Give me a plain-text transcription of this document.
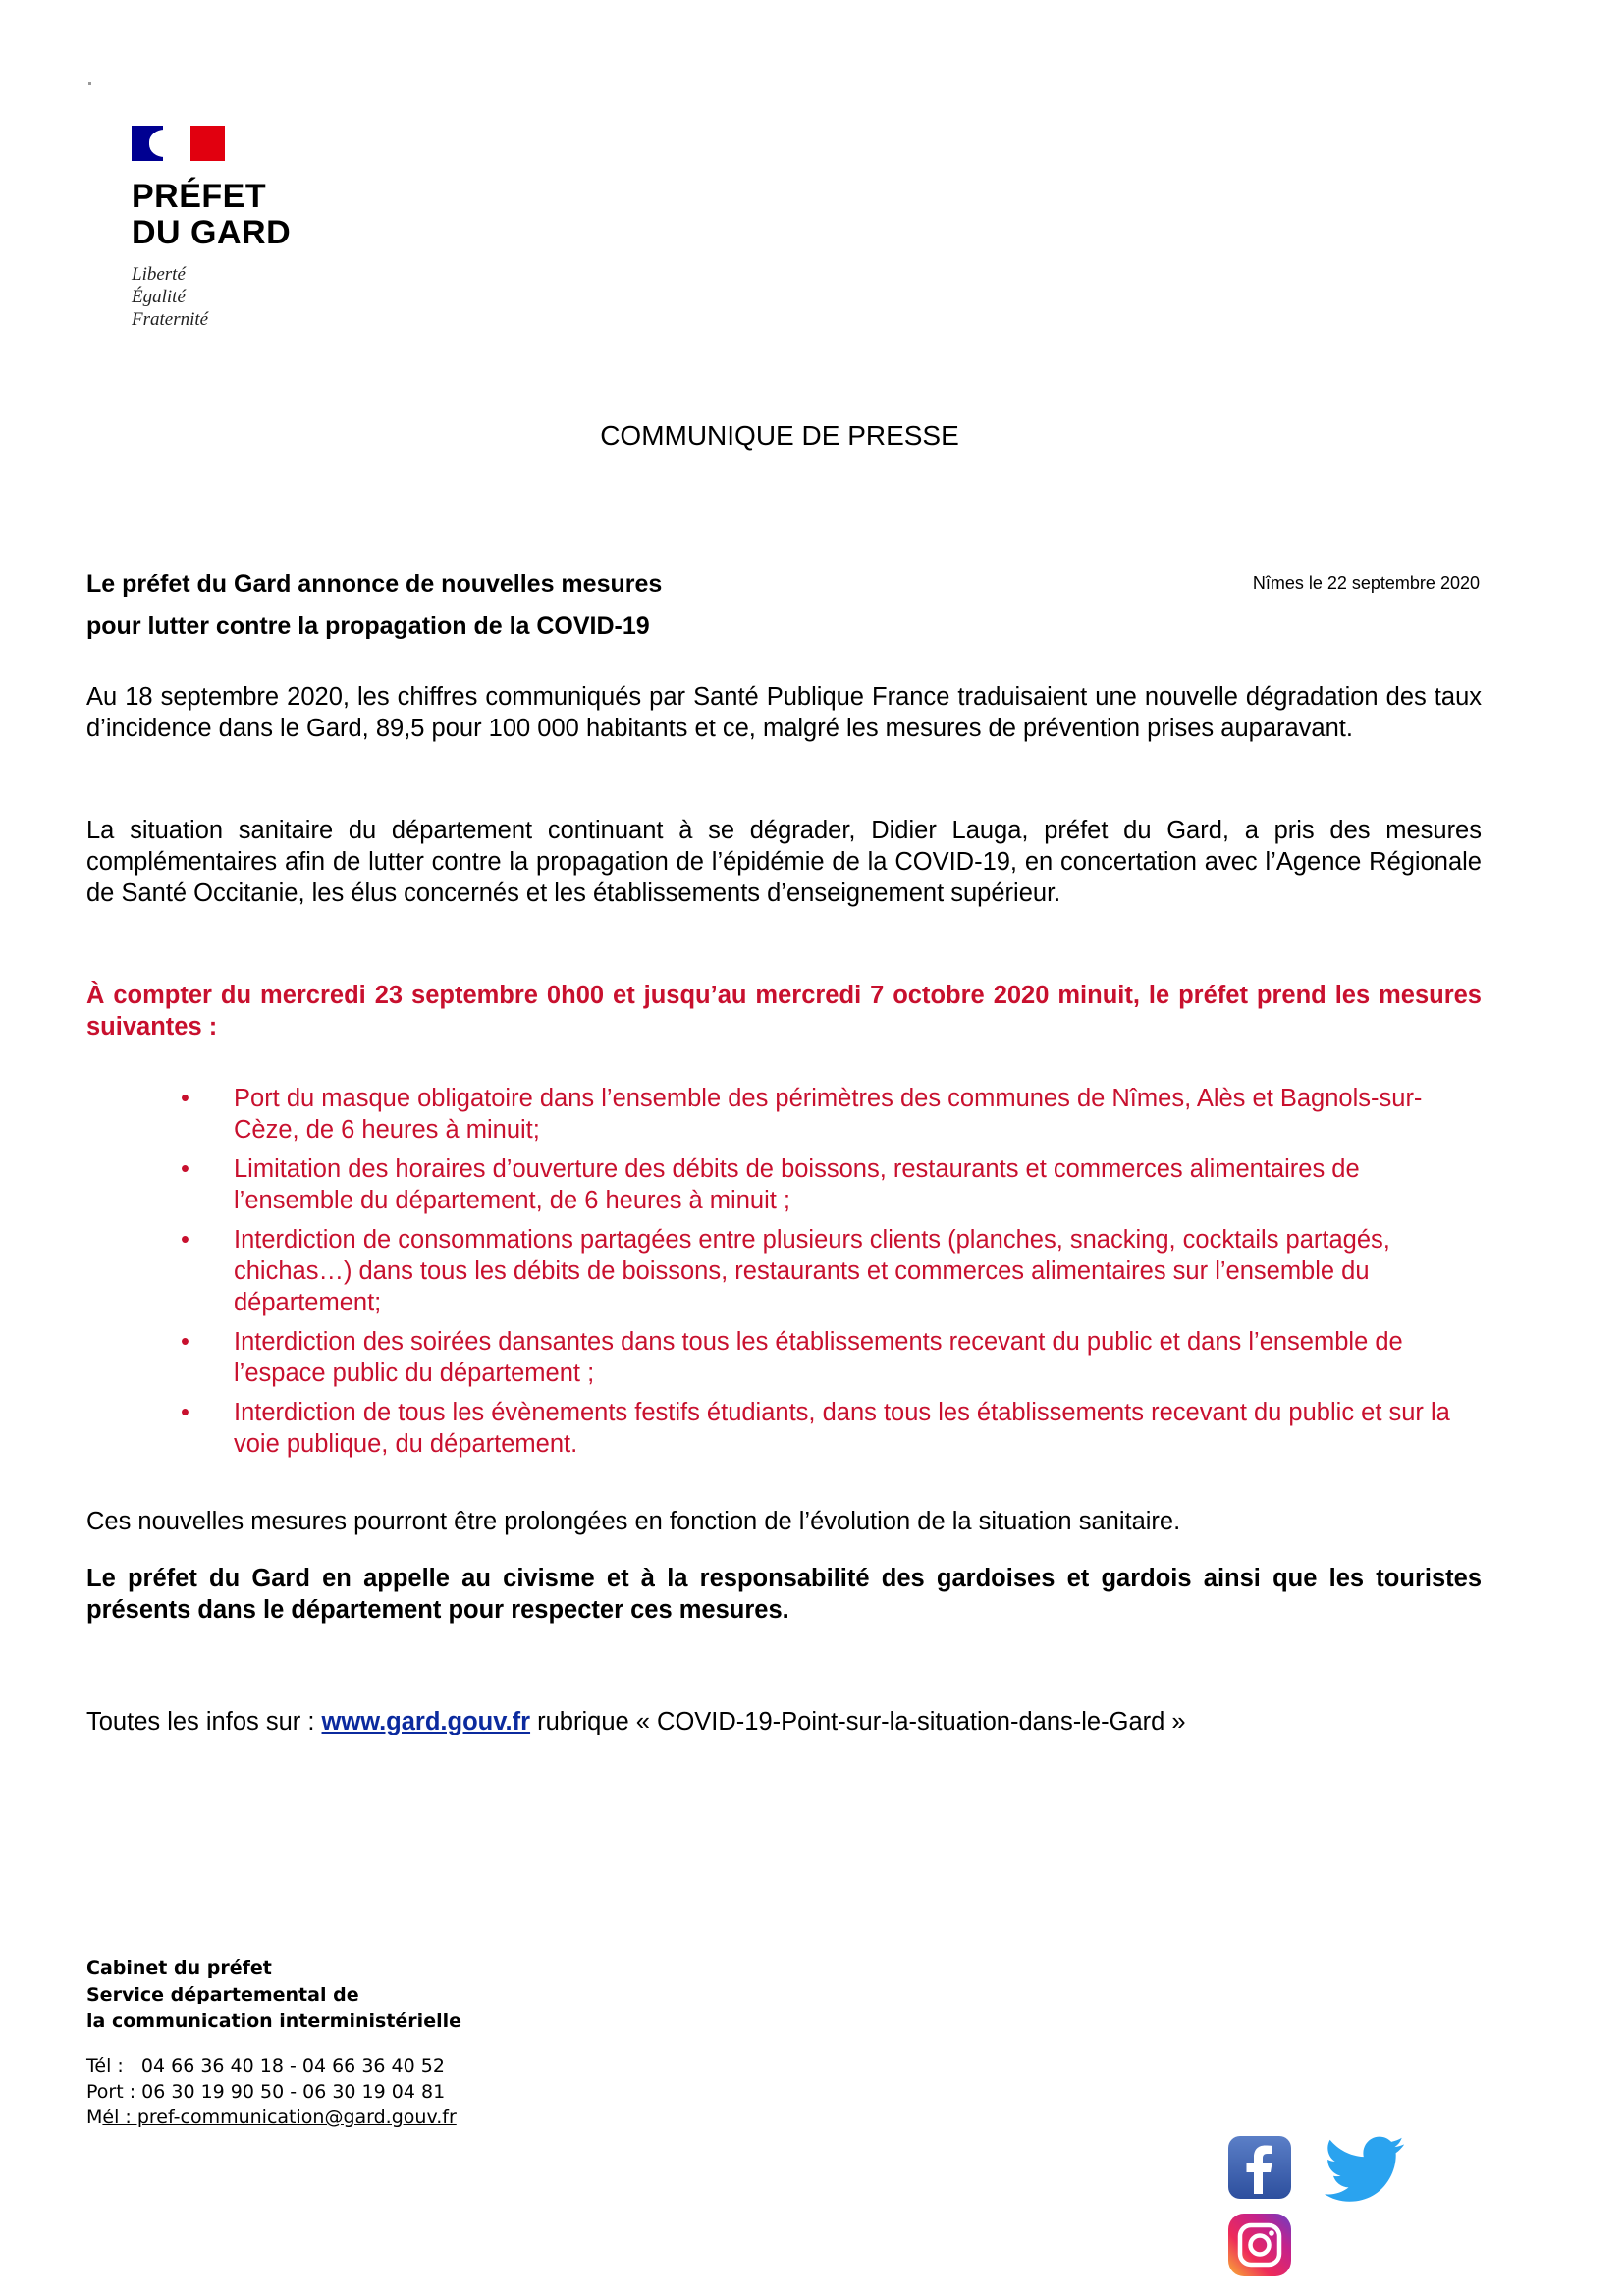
PRÉFET
DU GARD
Liberté
Égalité
Fraternité
COMMUNIQUE DE PRESSE
Le préfet du Gard annonce de nouvelles mesures
pour lutter contre la propagation de la COVID-19
Nîmes le 22 septembre 2020
Au 18 septembre 2020, les chiffres communiqués par Santé Publique France traduisaient une nouvelle dégradation des taux d’incidence dans le Gard, 89,5 pour 100 000 habitants et ce, malgré les mesures de prévention prises auparavant.
La situation sanitaire du département continuant à se dégrader, Didier Lauga, préfet du Gard, a pris des mesures complémentaires afin de lutter contre la propagation de l’épidémie de la COVID-19, en concertation avec l’Agence Régionale de Santé Occitanie, les élus concernés et les établissements d’enseignement supérieur.
À compter du mercredi 23 septembre 0h00 et jusqu’au mercredi 7 octobre 2020 minuit, le préfet prend les mesures suivantes :
• Port du masque obligatoire dans l’ensemble des périmètres des communes de Nîmes, Alès et Bagnols-sur-Cèze, de 6 heures à minuit;
• Limitation des horaires d’ouverture des débits de boissons, restaurants et commerces alimentaires de l’ensemble du département, de 6 heures à minuit ;
• Interdiction de consommations partagées entre plusieurs clients (planches, snacking, cocktails partagés, chichas…) dans tous les débits de boissons, restaurants et commerces alimentaires sur l’ensemble du département;
• Interdiction des soirées dansantes dans tous les établissements recevant du public et dans l’ensemble de l’espace public du département ;
• Interdiction de tous les évènements festifs étudiants, dans tous les établissements recevant du public et sur la voie publique, du département.
Ces nouvelles mesures pourront être prolongées en fonction de l’évolution de la situation sanitaire.
Le préfet du Gard en appelle au civisme et à la responsabilité des gardoises et gardois ainsi que les touristes présents dans le département pour respecter ces mesures.
Toutes les infos sur : www.gard.gouv.fr rubrique « COVID-19-Point-sur-la-situation-dans-le-Gard »
Cabinet du préfet
Service départemental de
la communication interministérielle
Tél :   04 66 36 40 18 - 04 66 36 40 52
Port : 06 30 19 90 50 - 06 30 19 04 81
Mél : pref-communication@gard.gouv.fr
